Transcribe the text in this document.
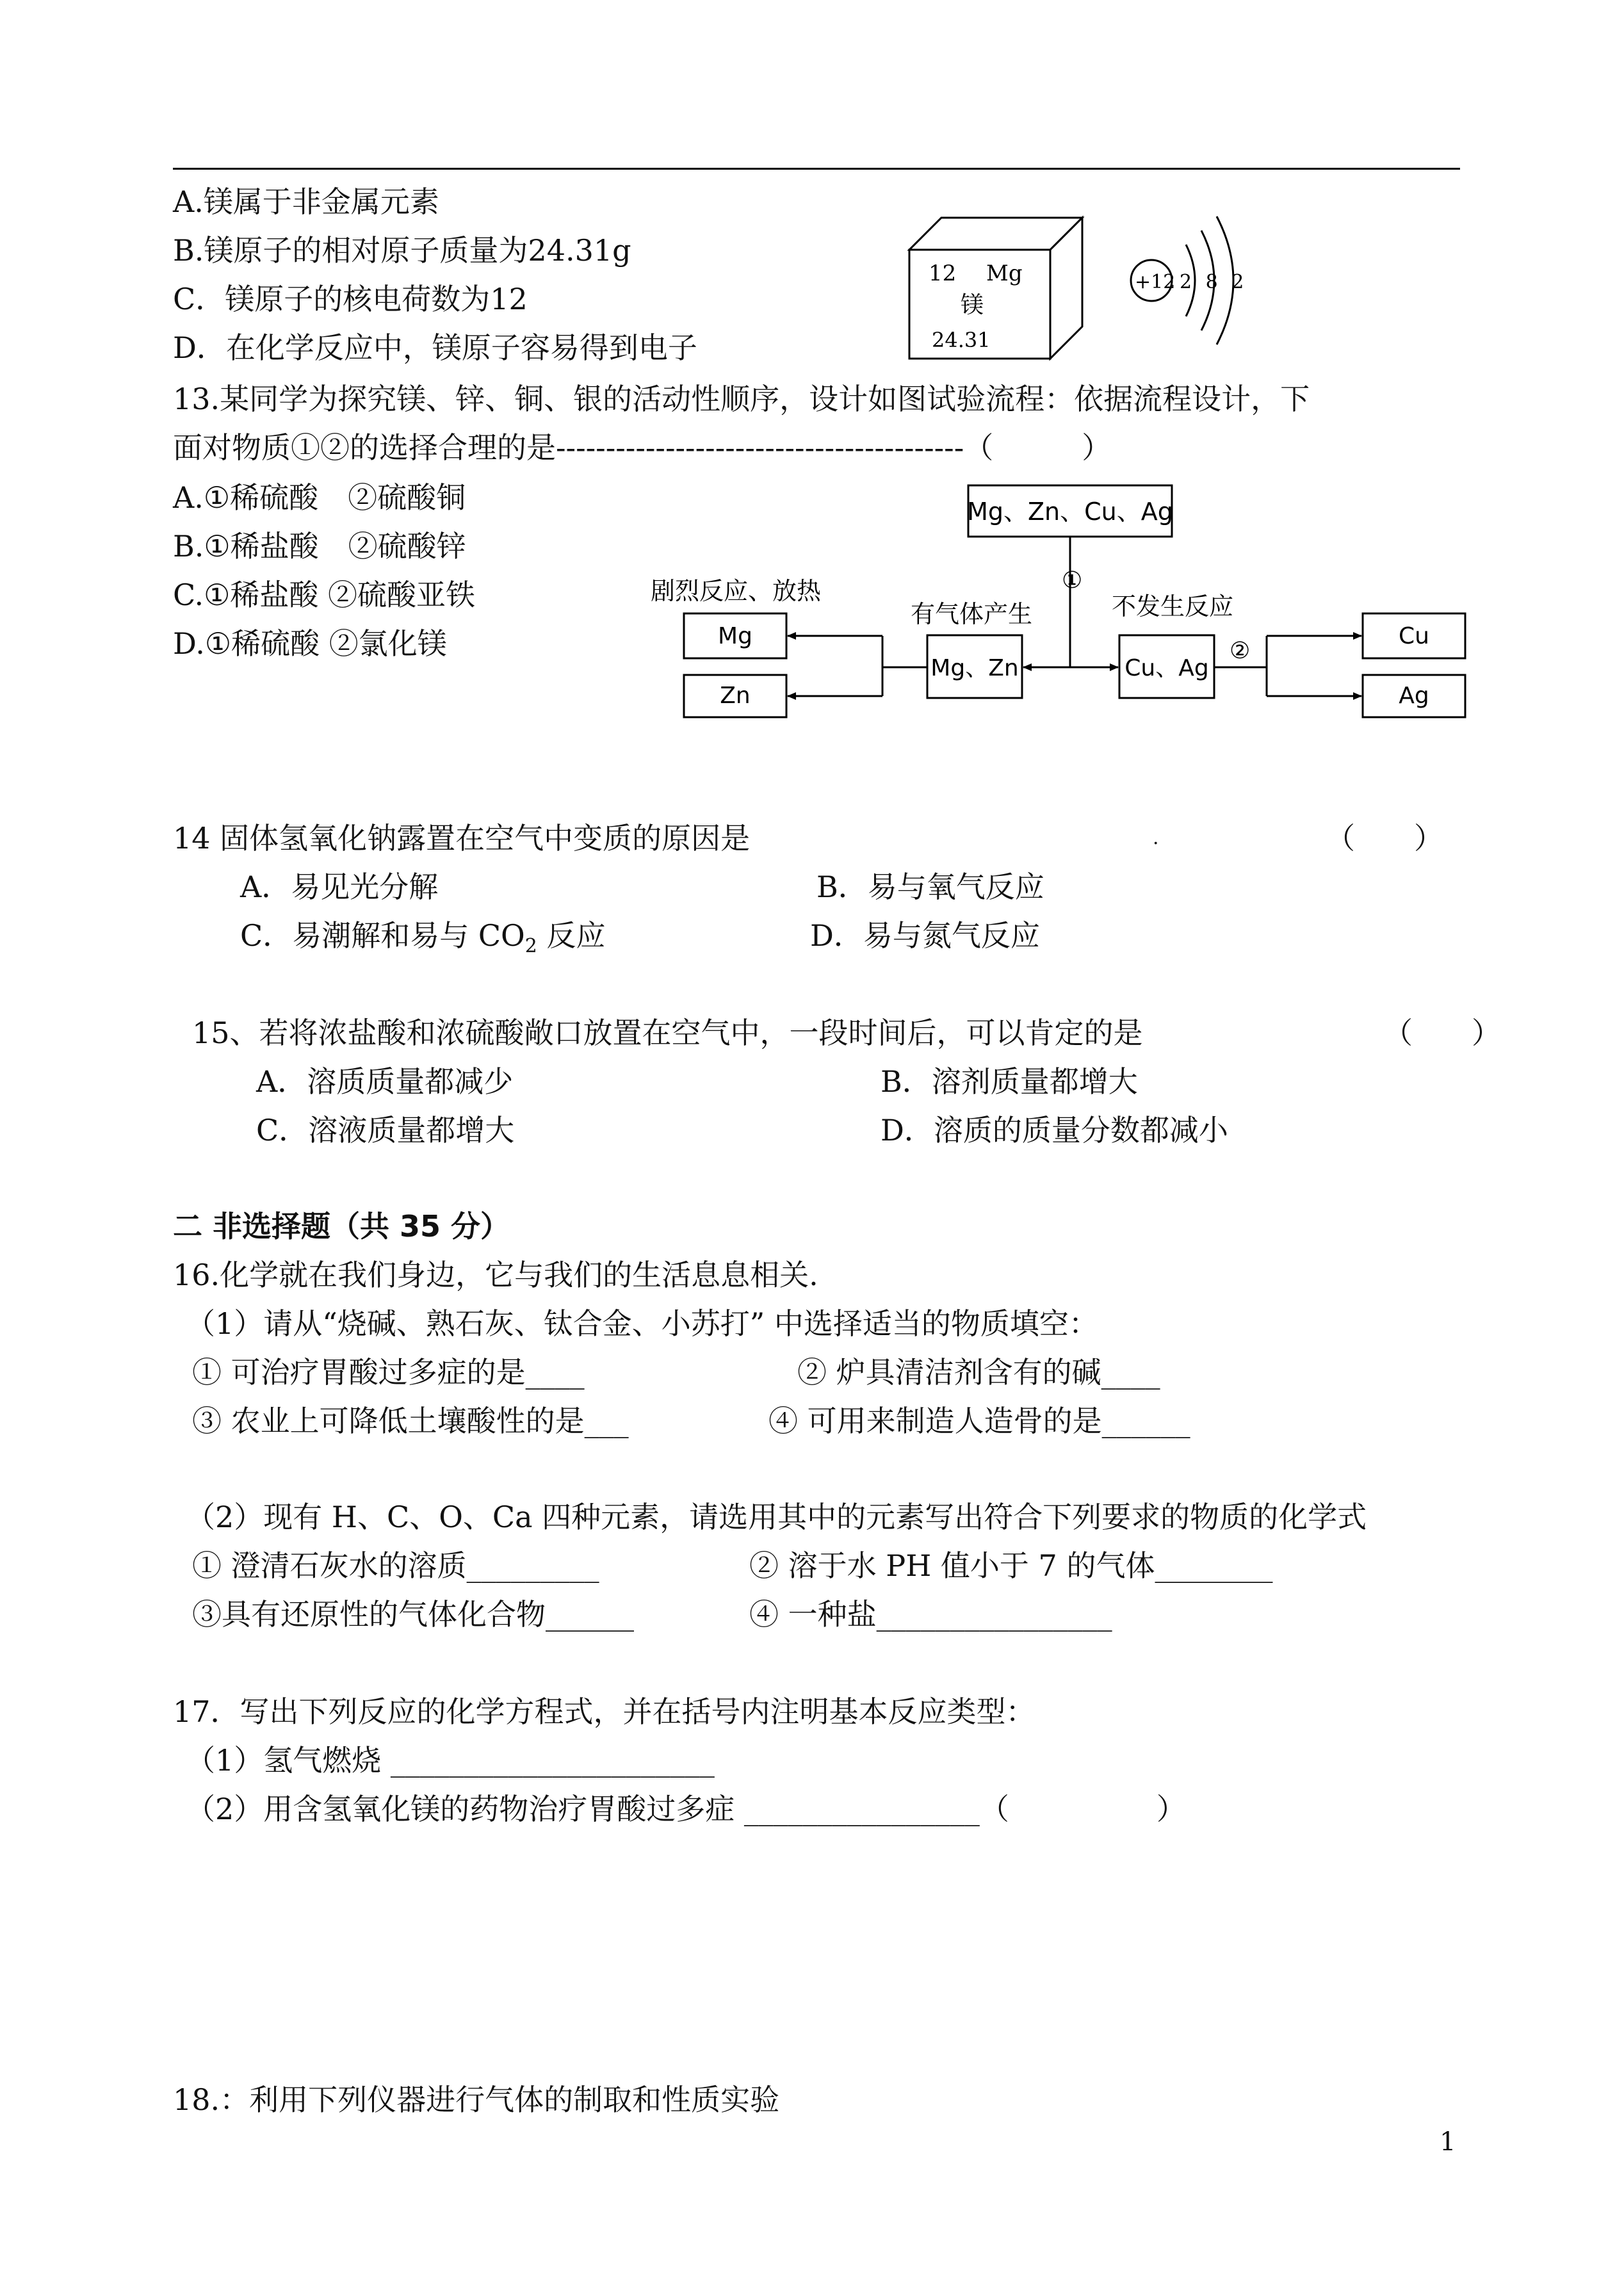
A.镁属于非金属元素
B.镁原子的相对原子质量为24.31g
C．镁原子的核电荷数为12
D．在化学反应中，镁原子容易得到电子
12 Mg
镁
24.31
+12 2 8 2
13.某同学为探究镁、锌、铜、银的活动性顺序，设计如图试验流程：依据流程设计，下
面对物质①②的选择合理的是-----------------------------------------（　　　）
A.①稀硫酸　②硫酸铜
B.①稀盐酸　②硫酸锌
C.①稀盐酸 ②硫酸亚铁
D.①稀硫酸 ②氯化镁
Mg、Zn、Cu、Ag
Mg、Zn	Cu、Ag
Mg
Zn
Cu
Ag
①
有气体产生
剧烈反应、放热
②
不发生反应
14 固体氢氧化钠露置在空气中变质的原因是	.	（　　）
A．易见光分解	B．易与氧气反应
C．易潮解和易与 $CO_2$ 反应	D．易与氮气反应
15、若将浓盐酸和浓硫酸敞口放置在空气中，一段时间后，可以肯定的是	（　　）
A．溶质质量都减少	B．溶剂质量都增大
C．溶液质量都增大	D．溶质的质量分数都减小
二 非选择题（共 35 分）
16.化学就在我们身边，它与我们的生活息息相关.
（1）请从“烧碱、熟石灰、钛合金、小苏打” 中选择适当的物质填空：
① 可治疗胃酸过多症的是____	② 炉具清洁剂含有的碱____
③ 农业上可降低土壤酸性的是___	④ 可用来制造人造骨的是______
（2）现有 H、C、O、Ca 四种元素，请选用其中的元素写出符合下列要求的物质的化学式
① 澄清石灰水的溶质_________	② 溶于水 PH 值小于 7 的气体________
③具有还原性的气体化合物______	④ 一种盐________________
17．写出下列反应的化学方程式，并在括号内注明基本反应类型：
（1）氢气燃烧 ______________________
（2）用含氢氧化镁的药物治疗胃酸过多症 ________________（　　　　　）
18.：利用下列仪器进行气体的制取和性质实验
1
